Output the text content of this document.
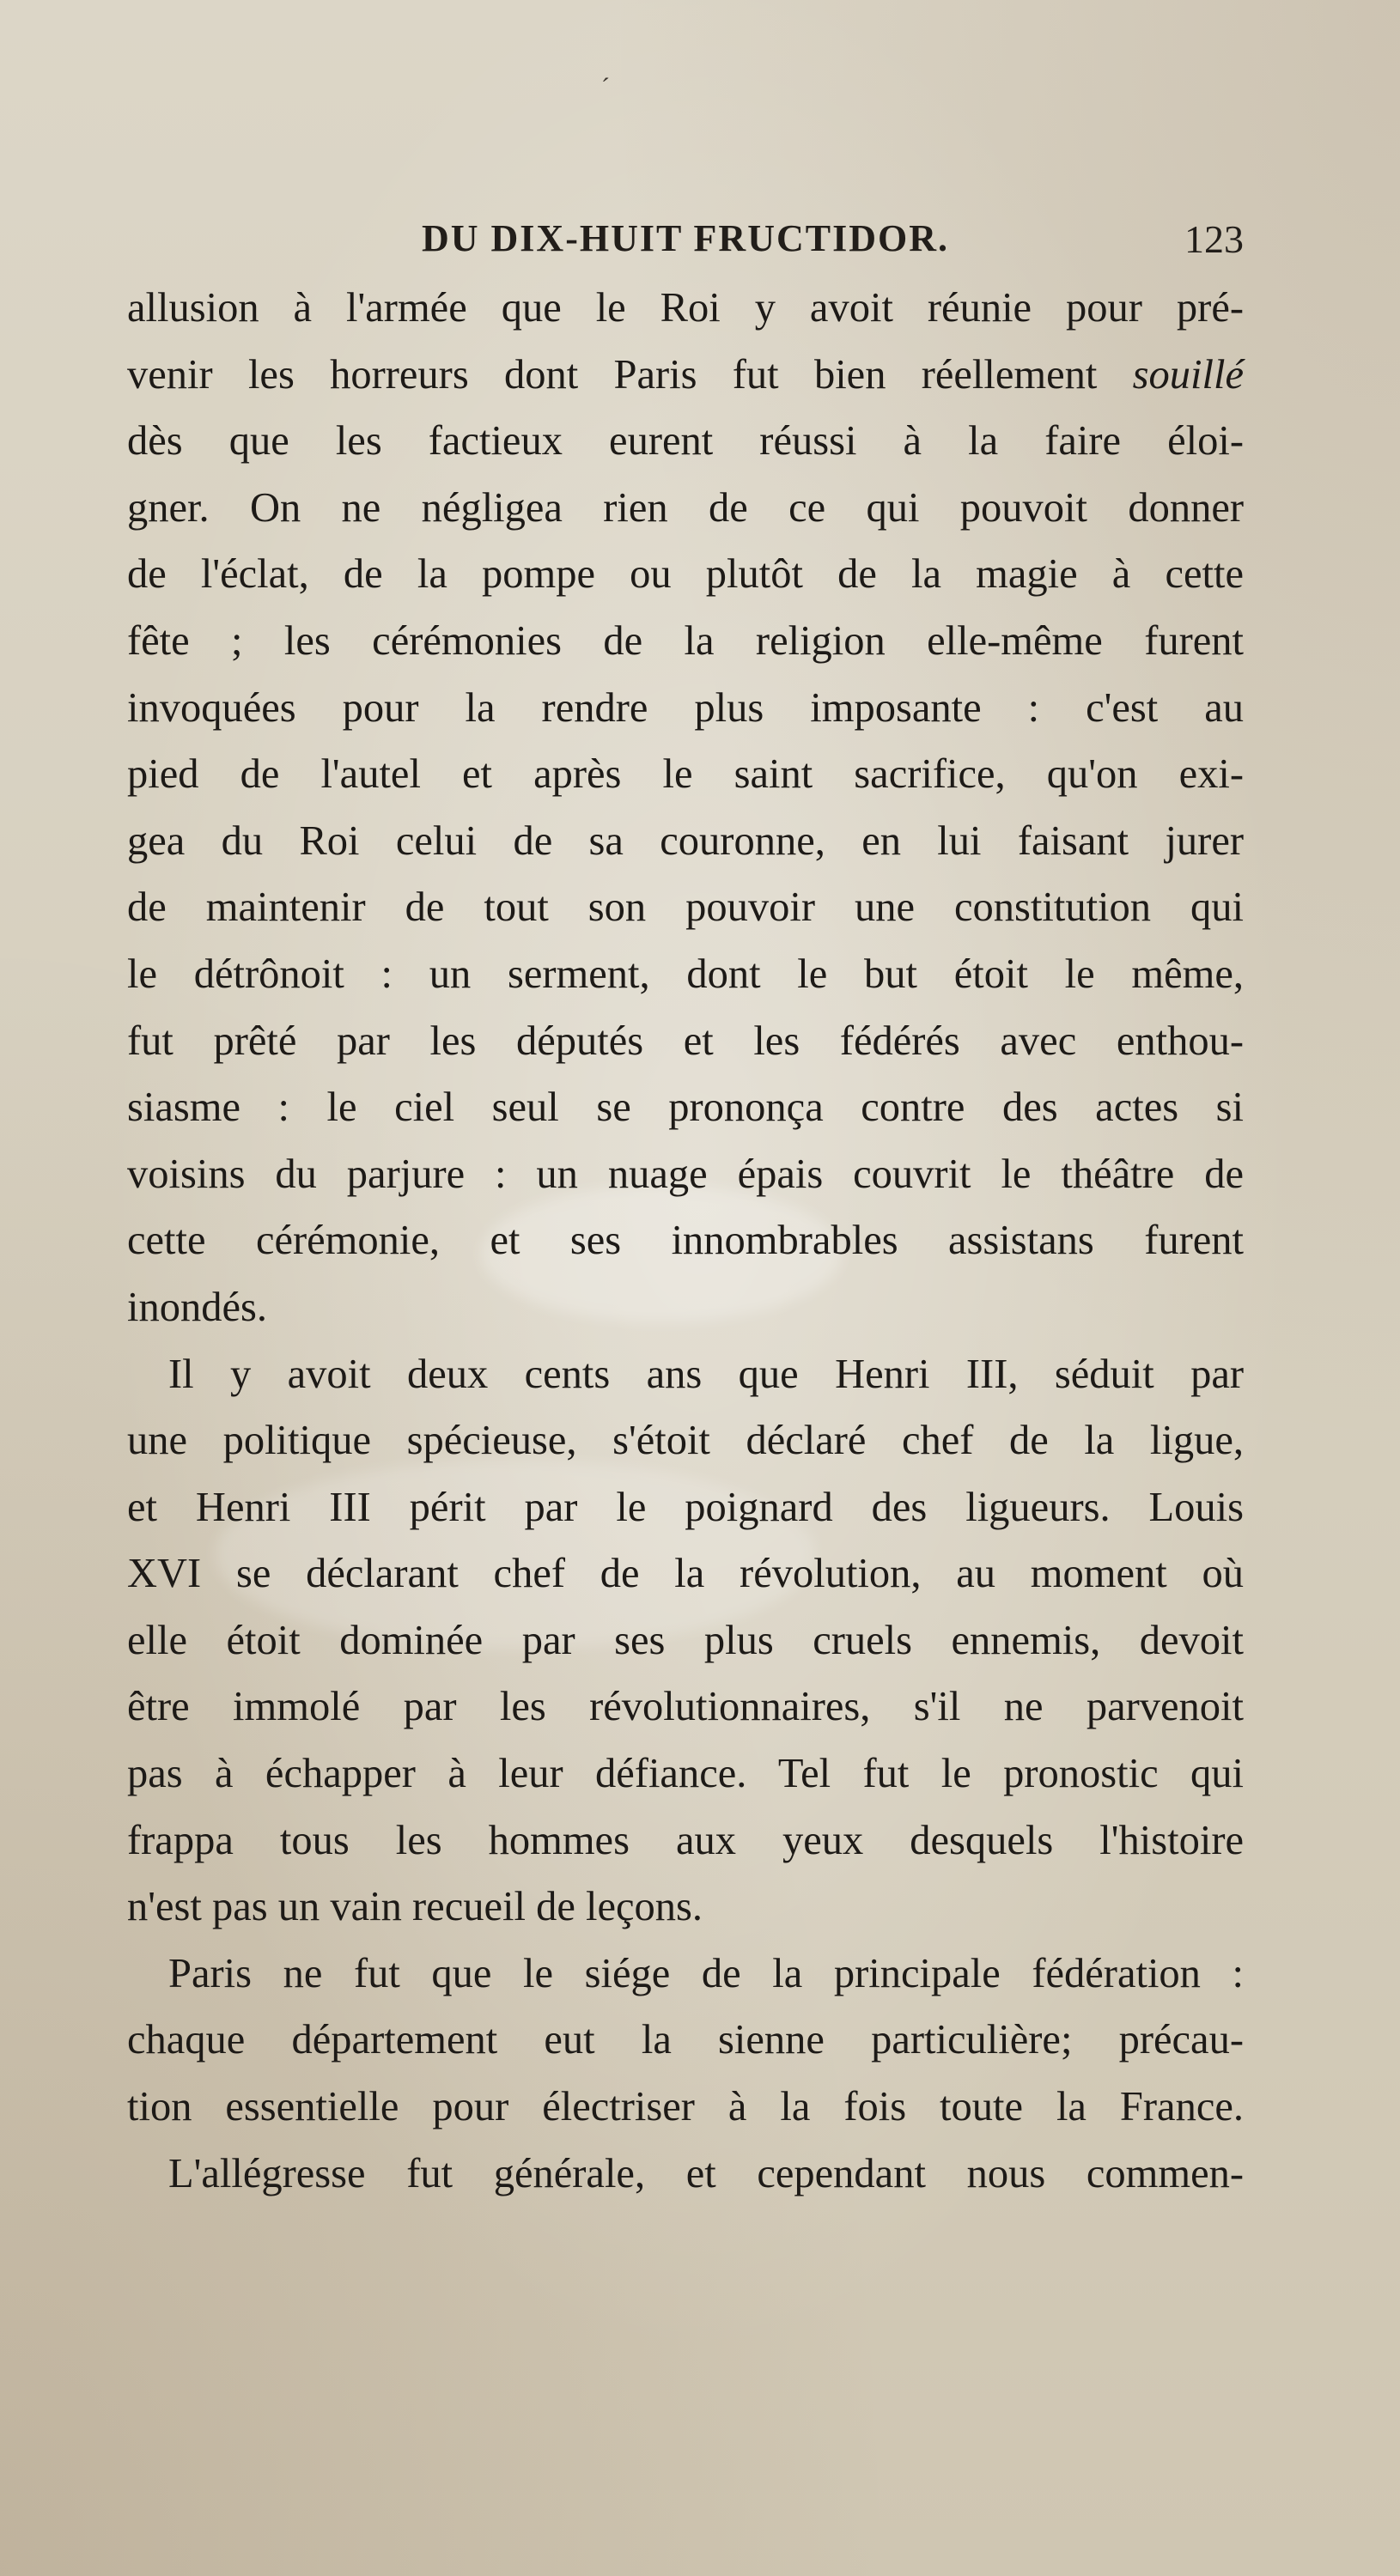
ˊ
DU DIX-HUIT FRUCTIDOR.	123
allusion à l'armée que le Roi y avoit réunie pour pré-
venir les horreurs dont Paris fut bien réellement souillé
dès que les factieux eurent réussi à la faire éloi-
gner. On ne négligea rien de ce qui pouvoit donner
de l'éclat, de la pompe ou plutôt de la magie à cette
fête ; les cérémonies de la religion elle-même furent
invoquées pour la rendre plus imposante : c'est au
pied de l'autel et après le saint sacrifice, qu'on exi-
gea du Roi celui de sa couronne, en lui faisant jurer
de maintenir de tout son pouvoir une constitution qui
le détrônoit : un serment, dont le but étoit le même,
fut prêté par les députés et les fédérés avec enthou-
siasme : le ciel seul se prononça contre des actes si
voisins du parjure : un nuage épais couvrit le théâtre de
cette cérémonie, et ses innombrables assistans furent
inondés.
Il y avoit deux cents ans que Henri III, séduit par
une politique spécieuse, s'étoit déclaré chef de la ligue,
et Henri III périt par le poignard des ligueurs. Louis
XVI se déclarant chef de la révolution, au moment où
elle étoit dominée par ses plus cruels ennemis, devoit
être immolé par les révolutionnaires, s'il ne parvenoit
pas à échapper à leur défiance. Tel fut le pronostic qui
frappa tous les hommes aux yeux desquels l'histoire
n'est pas un vain recueil de leçons.
Paris ne fut que le siége de la principale fédération :
chaque département eut la sienne particulière; précau-
tion essentielle pour électriser à la fois toute la France.
L'allégresse fut générale, et cependant nous commen-
